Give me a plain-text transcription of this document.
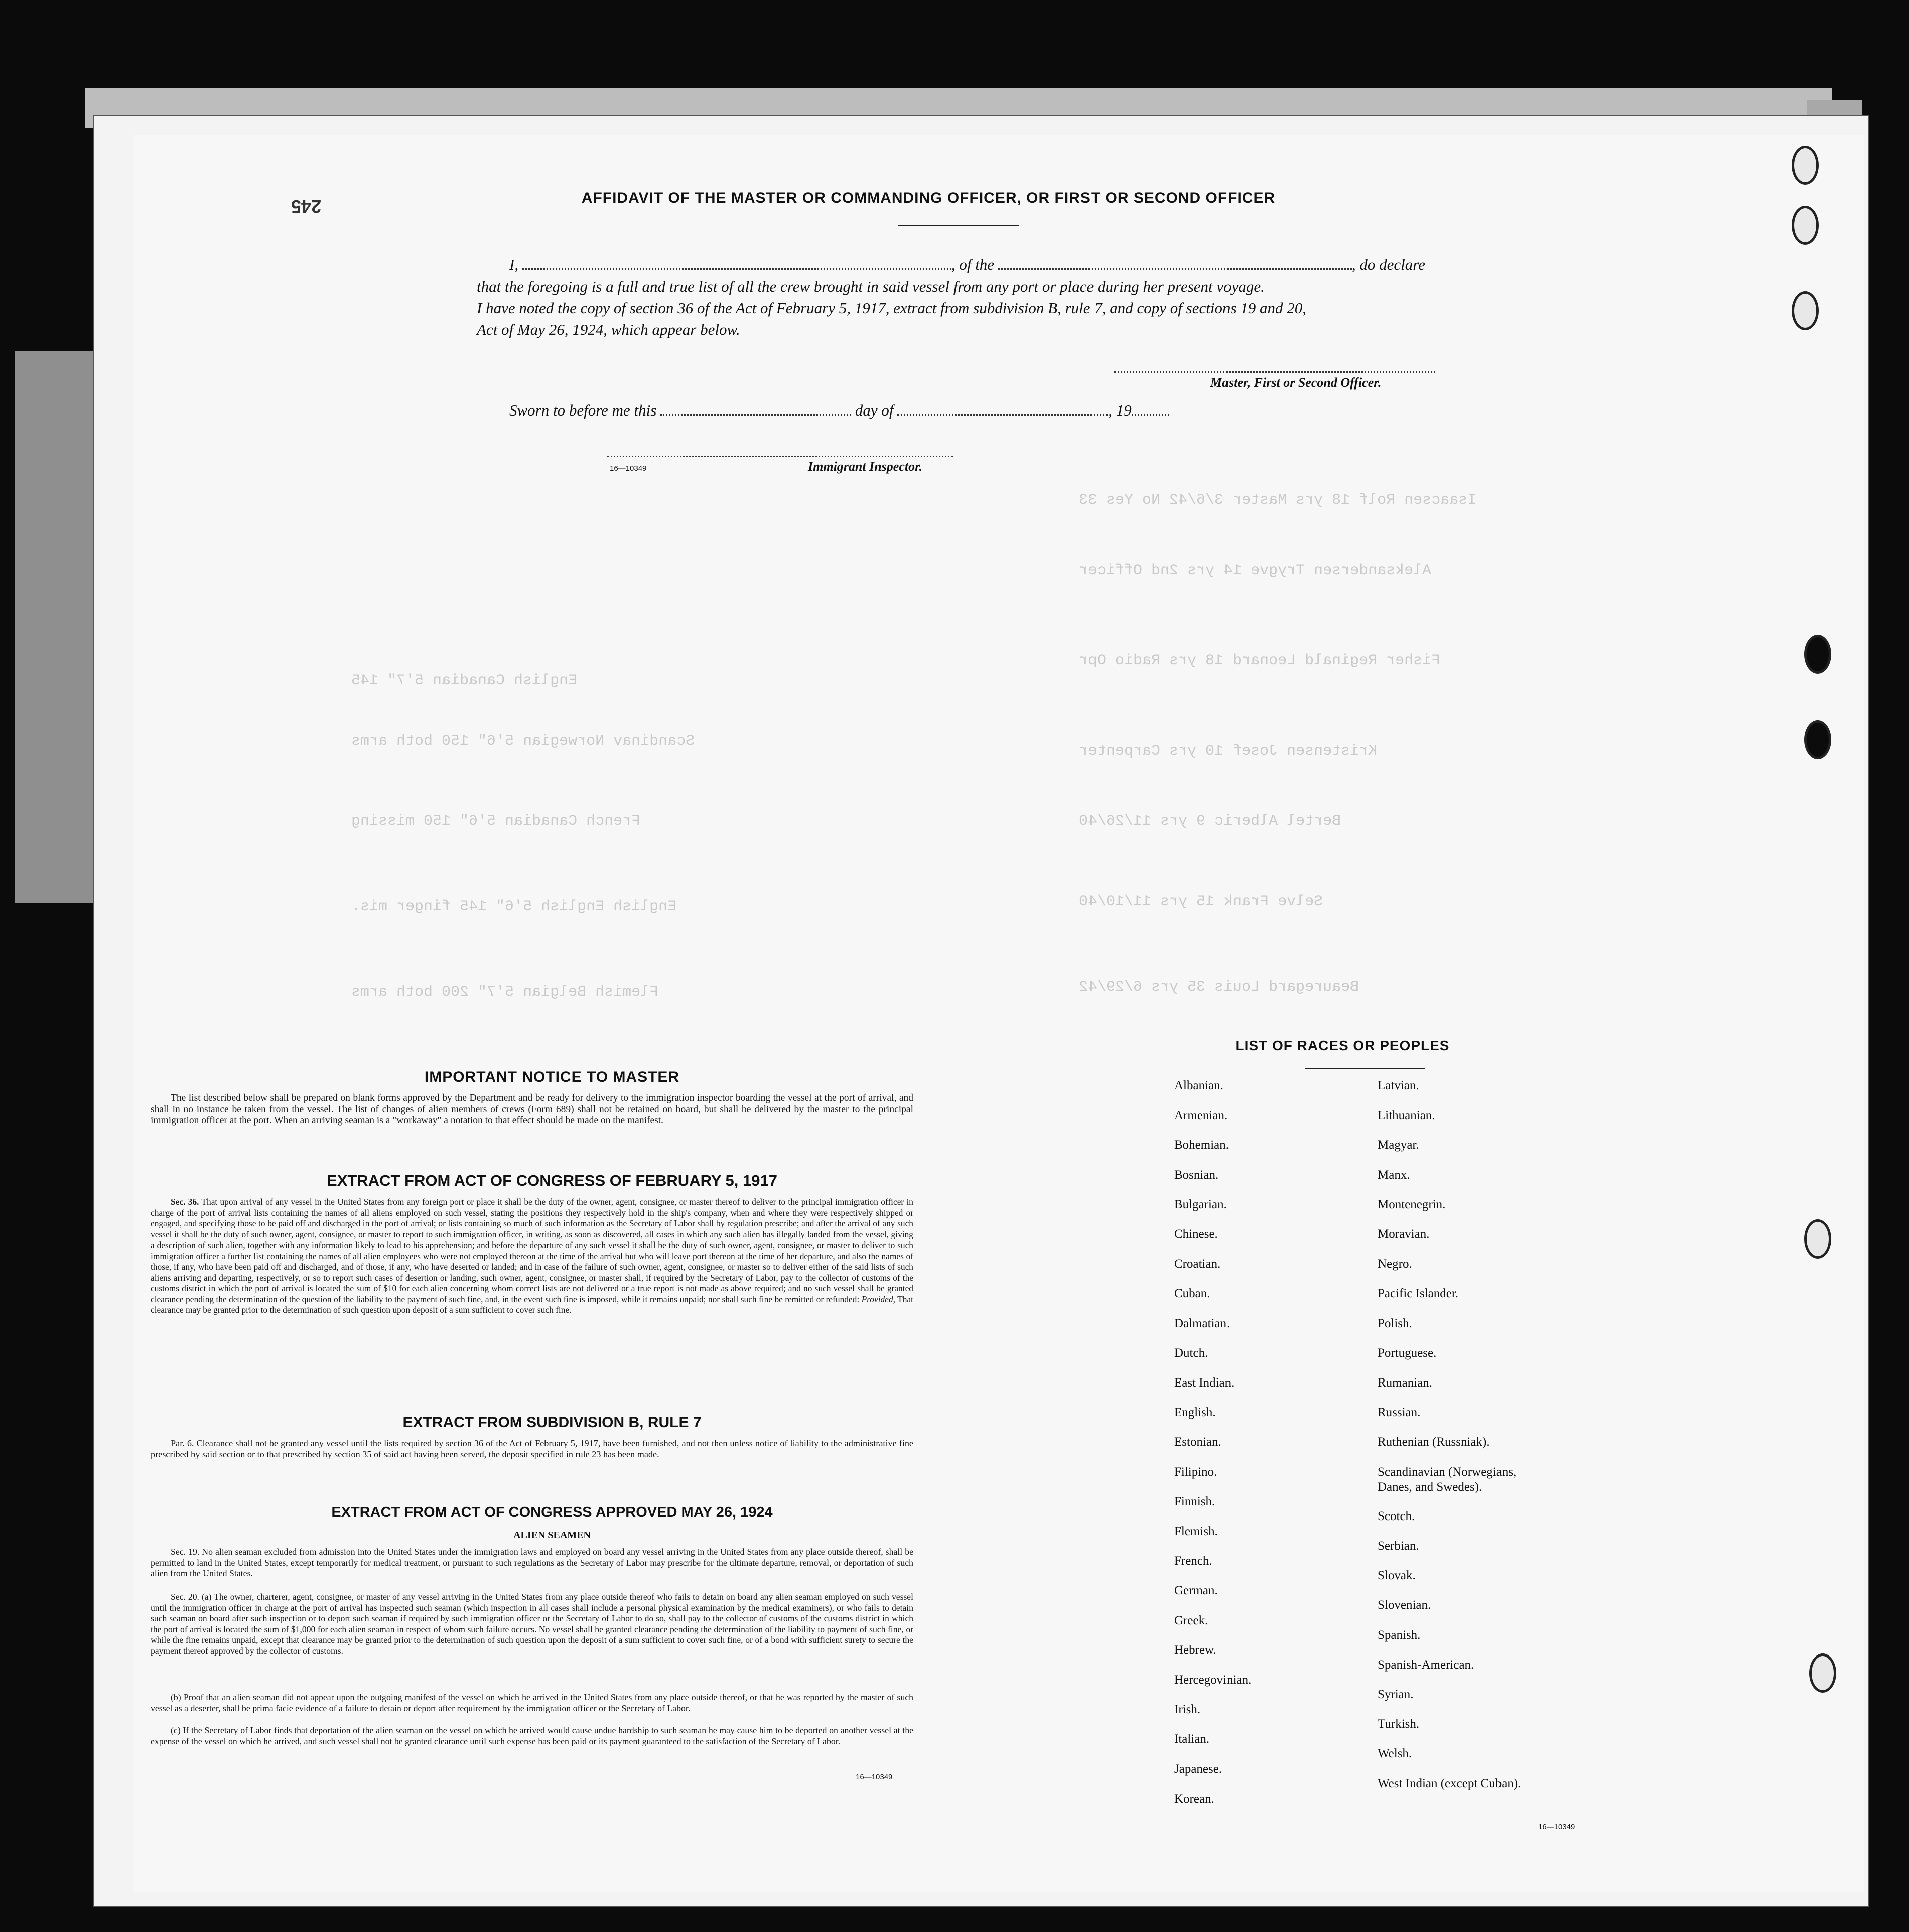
Isaacsen Rolf 18 yrs Master 3/6/42 No Yes 33
Aleksandersen Trygve 14 yrs 2nd Officer
Fisher Reginald Leonard 18 yrs Radio Opr
Kristensen Josef 10 yrs Carpenter
Bertel Alberic 9 yrs 11/26/40
Selve Frank 15 yrs 11/10/40
Beauregard Louis 35 yrs 6/29/42
English Canadian 5'7" 145
Scandinav Norwegian 5'6" 150 both arms
French Canadian 5'6" 150 missing
English English 5'6" 145 finger mis.
Flemish Belgian 5'7" 200 both arms
245	AFFIDAVIT OF THE MASTER OR COMMANDING OFFICER, OR FIRST OR SECOND OFFICER
I,	, of the	, do declare
that the foregoing is a full and true list of all the crew brought in said vessel from any port or place during her present voyage.
I have noted the copy of section 36 of the Act of February 5, 1917, extract from subdivision B, rule 7, and copy of sections 19 and 20,
Act of May 26, 1924, which appear below.
Master, First or Second Officer.
Sworn to before me this	day of	, 19
16—10349	Immigrant Inspector.
IMPORTANT NOTICE TO MASTER
The list described below shall be prepared on blank forms approved by the Department and be ready for delivery to the immigration inspector boarding the vessel at the port of arrival, and shall in no instance be taken from the vessel. The list of changes of alien members of crews (Form 689) shall not be retained on board, but shall be delivered by the master to the principal immigration officer at the port. When an arriving seaman is a "workaway" a notation to that effect should be made on the manifest.
EXTRACT FROM ACT OF CONGRESS OF FEBRUARY 5, 1917
Sec. 36. That upon arrival of any vessel in the United States from any foreign port or place it shall be the duty of the owner, agent, consignee, or master thereof to deliver to the principal immigration officer in charge of the port of arrival lists containing the names of all aliens employed on such vessel, stating the positions they respectively hold in the ship's company, when and where they were respectively shipped or engaged, and specifying those to be paid off and discharged in the port of arrival; or lists containing so much of such information as the Secretary of Labor shall by regulation prescribe; and after the arrival of any such vessel it shall be the duty of such owner, agent, consignee, or master to report to such immigration officer, in writing, as soon as discovered, all cases in which any such alien has illegally landed from the vessel, giving a description of such alien, together with any information likely to lead to his apprehension; and before the departure of any such vessel it shall be the duty of such owner, agent, consignee, or master to deliver to such immigration officer a further list containing the names of all alien employees who were not employed thereon at the time of the arrival but who will leave port thereon at the time of her departure, and also the names of those, if any, who have been paid off and discharged, and of those, if any, who have deserted or landed; and in case of the failure of such owner, agent, consignee, or master so to deliver either of the said lists of such aliens arriving and departing, respectively, or so to report such cases of desertion or landing, such owner, agent, consignee, or master shall, if required by the Secretary of Labor, pay to the collector of customs of the customs district in which the port of arrival is located the sum of $10 for each alien concerning whom correct lists are not delivered or a true report is not made as above required; and no such vessel shall be granted clearance pending the determination of the question of the liability to the payment of such fine, and, in the event such fine is imposed, while it remains unpaid; nor shall such fine be remitted or refunded: Provided, That clearance may be granted prior to the determination of such question upon deposit of a sum sufficient to cover such fine.
EXTRACT FROM SUBDIVISION B, RULE 7
Par. 6. Clearance shall not be granted any vessel until the lists required by section 36 of the Act of February 5, 1917, have been furnished, and not then unless notice of liability to the administrative fine prescribed by said section or to that prescribed by section 35 of said act having been served, the deposit specified in rule 23 has been made.
EXTRACT FROM ACT OF CONGRESS APPROVED MAY 26, 1924
ALIEN SEAMEN
Sec. 19. No alien seaman excluded from admission into the United States under the immigration laws and employed on board any vessel arriving in the United States from any place outside thereof, shall be permitted to land in the United States, except temporarily for medical treatment, or pursuant to such regulations as the Secretary of Labor may prescribe for the ultimate departure, removal, or deportation of such alien from the United States.
Sec. 20. (a) The owner, charterer, agent, consignee, or master of any vessel arriving in the United States from any place outside thereof who fails to detain on board any alien seaman employed on such vessel until the immigration officer in charge at the port of arrival has inspected such seaman (which inspection in all cases shall include a personal physical examination by the medical examiners), or who fails to detain such seaman on board after such inspection or to deport such seaman if required by such immigration officer or the Secretary of Labor to do so, shall pay to the collector of customs of the customs district in which the port of arrival is located the sum of $1,000 for each alien seaman in respect of whom such failure occurs. No vessel shall be granted clearance pending the determination of the liability to payment of such fine, or while the fine remains unpaid, except that clearance may be granted prior to the determination of such question upon the deposit of a sum sufficient to cover such fine, or of a bond with sufficient surety to secure the payment thereof approved by the collector of customs.
(b) Proof that an alien seaman did not appear upon the outgoing manifest of the vessel on which he arrived in the United States from any place outside thereof, or that he was reported by the master of such vessel as a deserter, shall be prima facie evidence of a failure to detain or deport after requirement by the immigration officer or the Secretary of Labor.
(c) If the Secretary of Labor finds that deportation of the alien seaman on the vessel on which he arrived would cause undue hardship to such seaman he may cause him to be deported on another vessel at the expense of the vessel on which he arrived, and such vessel shall not be granted clearance until such expense has been paid or its payment guaranteed to the satisfaction of the Secretary of Labor.
16—10349
LIST OF RACES OR PEOPLES
Albanian.
Armenian.
Bohemian.
Bosnian.
Bulgarian.
Chinese.
Croatian.
Cuban.
Dalmatian.
Dutch.
East Indian.
English.
Estonian.
Filipino.
Finnish.
Flemish.
French.
German.
Greek.
Hebrew.
Hercegovinian.
Irish.
Italian.
Japanese.
Korean.
Latvian.
Lithuanian.
Magyar.
Manx.
Montenegrin.
Moravian.
Negro.
Pacific Islander.
Polish.
Portuguese.
Rumanian.
Russian.
Ruthenian (Russniak).
Scandinavian (Norwegians,
Danes, and Swedes).
Scotch.
Serbian.
Slovak.
Slovenian.
Spanish.
Spanish-American.
Syrian.
Turkish.
Welsh.
West Indian (except Cuban).
16—10349
